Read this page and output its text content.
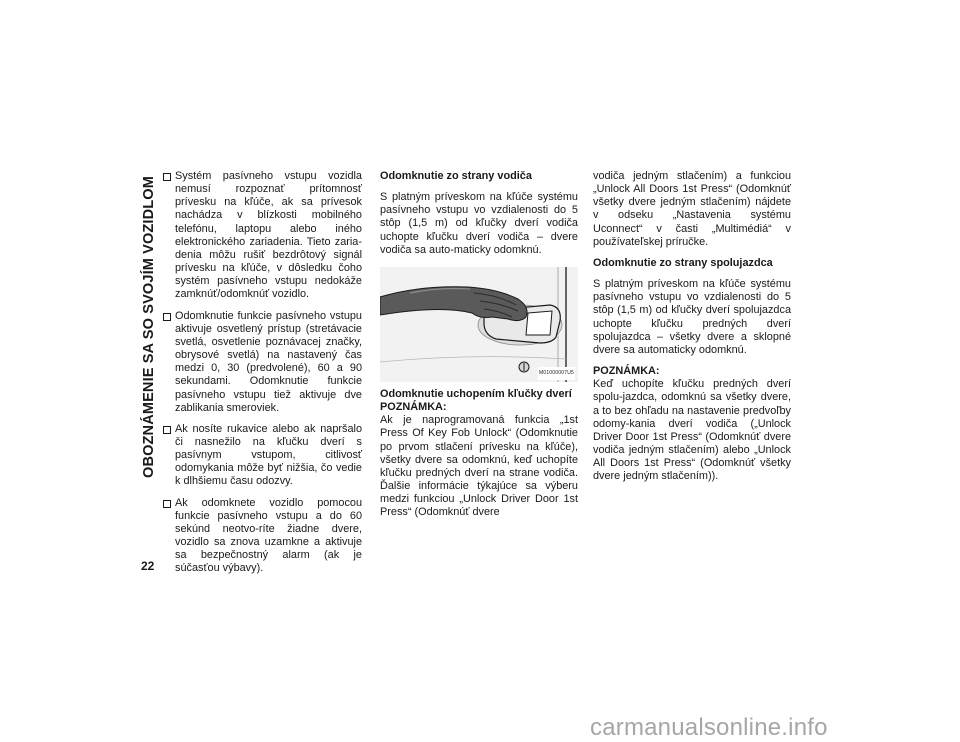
OBOZNÁMENIE SA SO SVOJÍM VOZIDLOM
22

Systém pasívneho vstupu vozidla nemusí rozpoznať prítomnosť prívesku na kľúče, ak sa prívesok nachádza v blízkosti mobilného telefónu, laptopu alebo iného elektronického zariadenia. Tieto zaria-denia môžu rušiť bezdrôtový signál prívesku na kľúče, v dôsledku čoho systém pasívneho vstupu nedokáže zamknúť/odomknúť vozidlo.

Odomknutie funkcie pasívneho vstupu aktivuje osvetlený prístup (stretávacie svetlá, osvetlenie poznávacej značky, obrysové svetlá) na nastavený čas medzi 0, 30 (predvolené), 60 a 90 sekundami. Odomknutie funkcie pasívneho vstupu tiež aktivuje dve zablikania smeroviek.

Ak nosíte rukavice alebo ak napršalo či nasnežilo na kľučku dverí s pasívnym vstupom, citlivosť odomykania môže byť nižšia, čo vedie k dlhšiemu času odozvy.

Ak odomknete vozidlo pomocou funkcie pasívneho vstupu a do 60 sekúnd neotvo-ríte žiadne dvere, vozidlo sa znova uzamkne a aktivuje sa bezpečnostný alarm (ak je súčasťou výbavy).

Odomknutie zo strany vodiča

S platným príveskom na kľúče systému pasívneho vstupu vo vzdialenosti do 5 stôp (1,5 m) od kľučky dverí vodiča uchopte kľučku dverí vodiča – dvere vodiča sa auto-maticky odomknú.

M01000007U5

Odomknutie uchopením kľučky dverí

POZNÁMKA:

Ak je naprogramovaná funkcia „1st Press Of Key Fob Unlock“ (Odomknutie po prvom stlačení prívesku na kľúče), všetky dvere sa odomknú, keď uchopíte kľučku predných dverí na strane vodiča. Ďalšie informácie týkajúce sa výberu medzi funkciou „Unlock Driver Door 1st Press“ (Odomknúť dvere

vodiča jedným stlačením) a funkciou „Unlock All Doors 1st Press“ (Odomknúť všetky dvere jedným stlačením) nájdete v odseku „Nastavenia systému Uconnect“ v časti „Multimédiá“ v používateľskej príručke.

Odomknutie zo strany spolujazdca

S platným príveskom na kľúče systému pasívneho vstupu vo vzdialenosti do 5 stôp (1,5 m) od kľučky dverí spolujazdca uchopte kľučku predných dverí spolujazdca – všetky dvere a sklopné dvere sa automaticky odomknú.

POZNÁMKA:

Keď uchopíte kľučku predných dverí spolu-jazdca, odomknú sa všetky dvere, a to bez ohľadu na nastavenie predvoľby odomy-kania dverí vodiča („Unlock Driver Door 1st Press“ (Odomknúť dvere vodiča jedným stlačením) alebo „Unlock All Doors 1st Press“ (Odomknúť všetky dvere jedným stlačením)).

carmanualsonline.info
